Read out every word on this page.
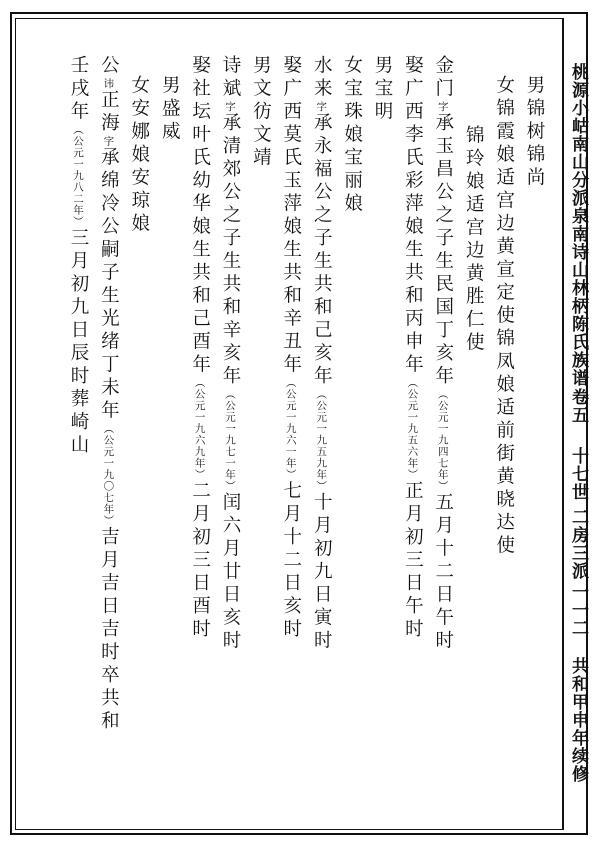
桃源小岵南山分派泉南诗山林柄陈氏族谱
卷五
十七世 二房三派
一一二
共和甲申年续修
男锦树锦尚
女锦霞娘适宫边黄宣定使锦凤娘适前街黄晓达使
锦玲娘适宫边黄胜仁使
金门字承玉昌公之子生民国丁亥年（公元一九四七年）五月十二日午时
娶广西李氏彩萍娘生共和丙申年（公元一九五六年）正月初三日午时
男宝明
女宝珠娘宝丽娘
水来字承永福公之子生共和己亥年（公元一九五九年）十月初九日寅时
娶广西莫氏玉萍娘生共和辛丑年（公元一九六一年）七月十二日亥时
男文彷文靖
诗斌字承清郊公之子生共和辛亥年（公元一九七一年）闰六月廿日亥时
娶社坛叶氏幼华娘生共和己酉年（公元一九六九年）二月初三日酉时
男盛威
女安娜娘安琼娘
公讳正海字承绵冷公嗣子生光绪丁未年（公元一九〇七年）吉月吉日吉时卒共和
壬戌年（公元一九八二年）三月初九日辰时葬崎山
